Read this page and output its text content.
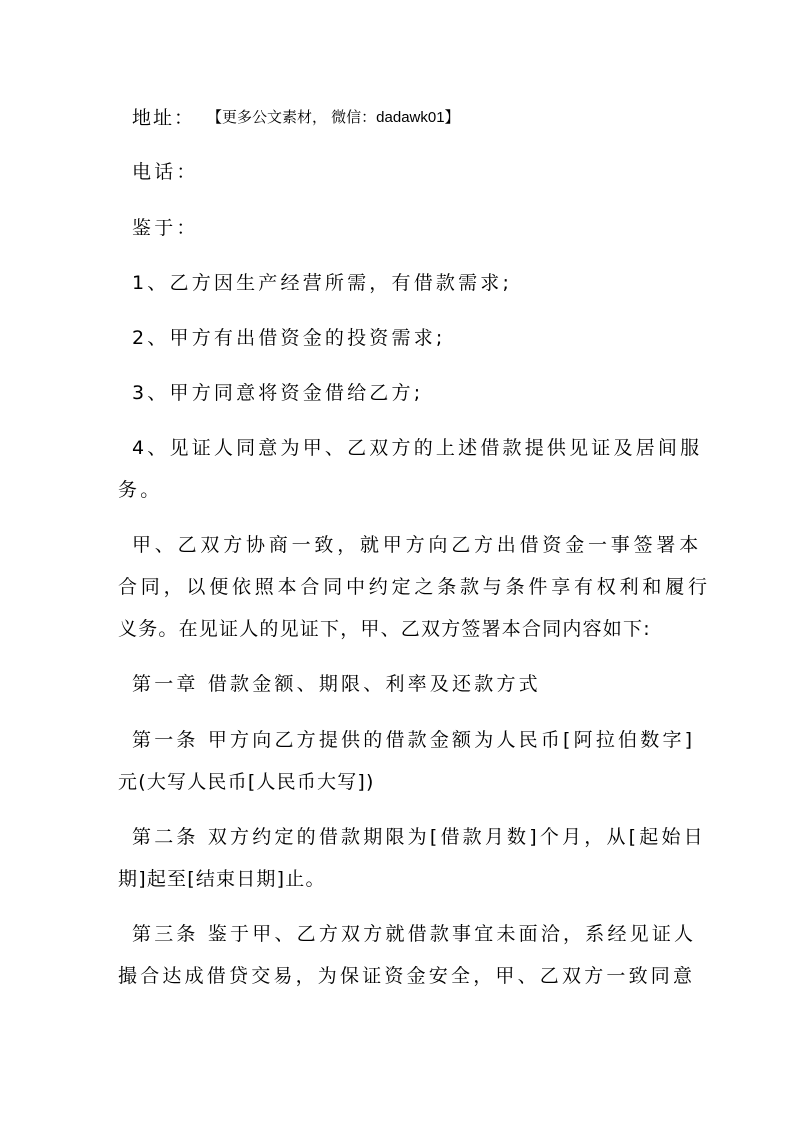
地址： 【更多公文素材， 微信：dadawk01】
电话：
鉴于：
1、乙方因生产经营所需，有借款需求;
2、甲方有出借资金的投资需求;
3、甲方同意将资金借给乙方;
4、见证人同意为甲、乙双方的上述借款提供见证及居间服
务。
甲、乙双方协商一致，就甲方向乙方出借资金一事签署本
合同，以便依照本合同中约定之条款与条件享有权利和履行
义务。在见证人的见证下，甲、乙双方签署本合同内容如下:
第一章 借款金额、期限、利率及还款方式
第一条 甲方向乙方提供的借款金额为人民币[阿拉伯数字]
元(大写人民币[人民币大写])
第二条 双方约定的借款期限为[借款月数]个月，从[起始日
期]起至[结束日期]止。
第三条 鉴于甲、乙方双方就借款事宜未面洽，系经见证人
撮合达成借贷交易，为保证资金安全，甲、乙双方一致同意
